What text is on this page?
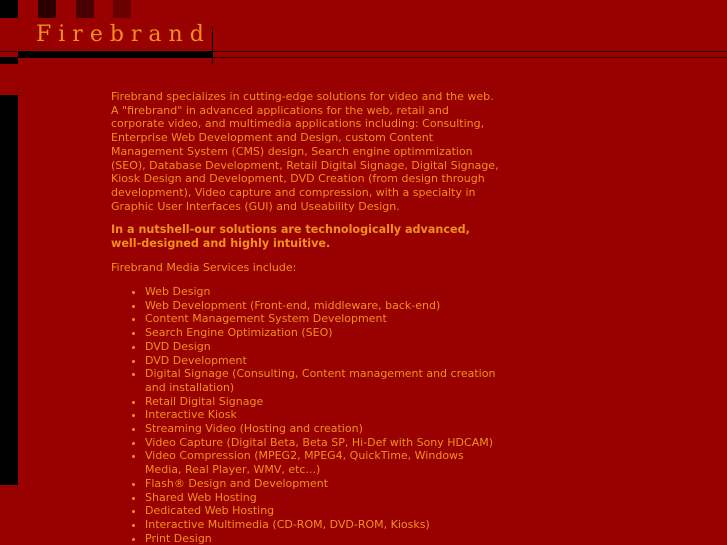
Firebrand

Firebrand specializes in cutting-edge solutions for video and the web. A "firebrand" in advanced applications for the web, retail and corporate video, and multimedia applications including: Consulting, Enterprise Web Development and Design, custom Content Management System (CMS) design, Search engine optimmization (SEO), Database Development, Retail Digital Signage, Digital Signage, Kiosk Design and Development, DVD Creation (from design through development), Video capture and compression, with a specialty in Graphic User Interfaces (GUI) and Useability Design.

In a nutshell-our solutions are technologically advanced, well-designed and highly intuitive.

Firebrand Media Services include:

• Web Design
• Web Development (Front-end, middleware, back-end)
• Content Management System Development
• Search Engine Optimization (SEO)
• DVD Design
• DVD Development
• Digital Signage (Consulting, Content management and creation and installation)
• Retail Digital Signage
• Interactive Kiosk
• Streaming Video (Hosting and creation)
• Video Capture (Digital Beta, Beta SP, Hi-Def with Sony HDCAM)
• Video Compression (MPEG2, MPEG4, QuickTime, Windows Media, Real Player, WMV, etc...)
• Flash® Design and Development
• Shared Web Hosting
• Dedicated Web Hosting
• Interactive Multimedia (CD-ROM, DVD-ROM, Kiosks)
• Print Design
